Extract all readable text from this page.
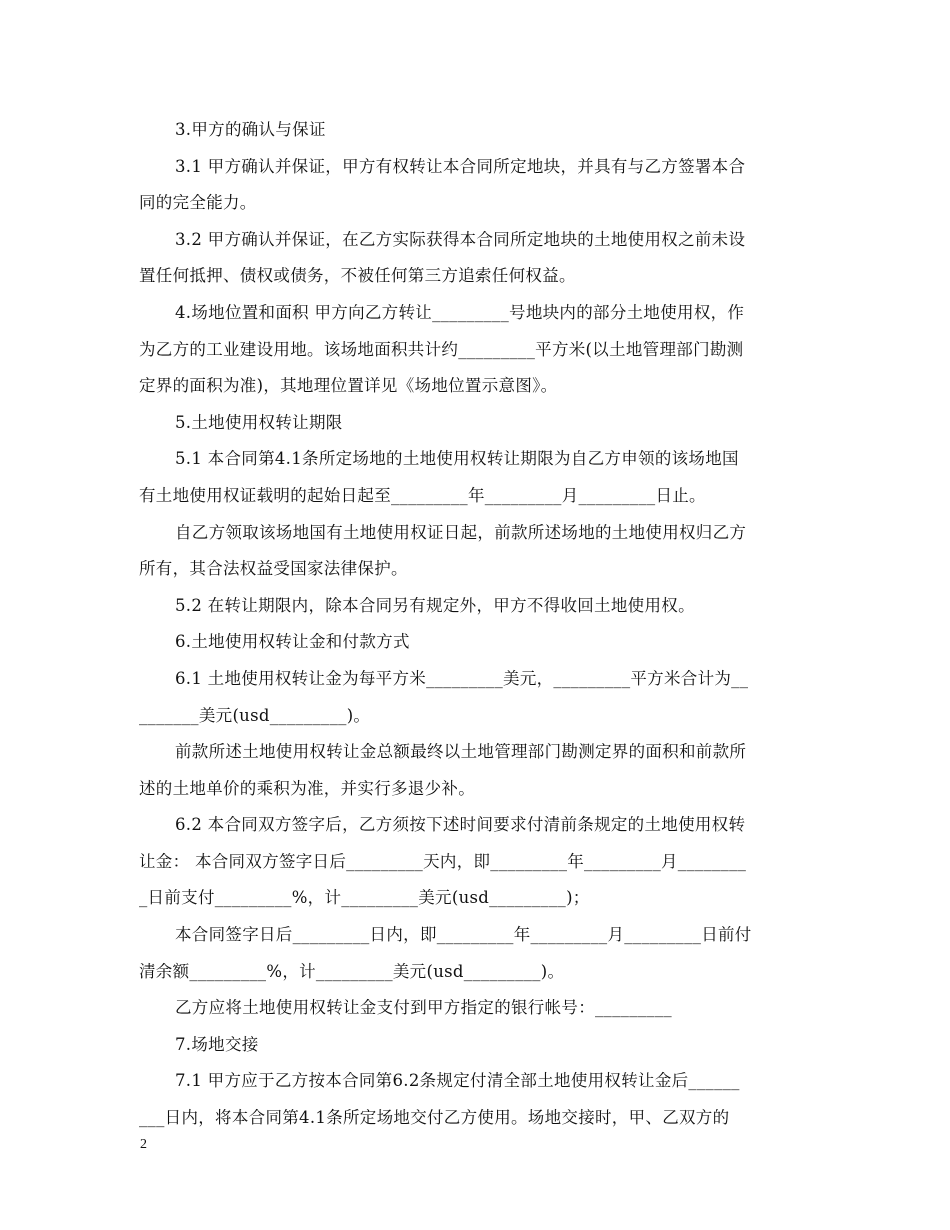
3.甲方的确认与保证
3.1 甲方确认并保证，甲方有权转让本合同所定地块，并具有与乙方签署本合
同的完全能力。
3.2 甲方确认并保证，在乙方实际获得本合同所定地块的土地使用权之前未设
置任何抵押、债权或债务，不被任何第三方追索任何权益。
4.场地位置和面积 甲方向乙方转让_________号地块内的部分土地使用权，作
为乙方的工业建设用地。该场地面积共计约_________平方米(以土地管理部门勘测
定界的面积为准)，其地理位置详见《场地位置示意图》。
5.土地使用权转让期限
5.1 本合同第4.1条所定场地的土地使用权转让期限为自乙方申领的该场地国
有土地使用权证载明的起始日起至_________年_________月_________日止。
自乙方领取该场地国有土地使用权证日起，前款所述场地的土地使用权归乙方
所有，其合法权益受国家法律保护。
5.2 在转让期限内，除本合同另有规定外，甲方不得收回土地使用权。
6.土地使用权转让金和付款方式
6.1 土地使用权转让金为每平方米_________美元，_________平方米合计为__
_______美元(usd_________)。
前款所述土地使用权转让金总额最终以土地管理部门勘测定界的面积和前款所
述的土地单价的乘积为准，并实行多退少补。
6.2 本合同双方签字后，乙方须按下述时间要求付清前条规定的土地使用权转
让金： 本合同双方签字日后_________天内，即_________年_________月________
_日前支付_________%，计_________美元(usd_________)；
本合同签字日后_________日内，即_________年_________月_________日前付
清余额_________%，计_________美元(usd_________)。
乙方应将土地使用权转让金支付到甲方指定的银行帐号：_________
7.场地交接
7.1 甲方应于乙方按本合同第6.2条规定付清全部土地使用权转让金后______
___日内，将本合同第4.1条所定场地交付乙方使用。场地交接时，甲、乙双方的
2
